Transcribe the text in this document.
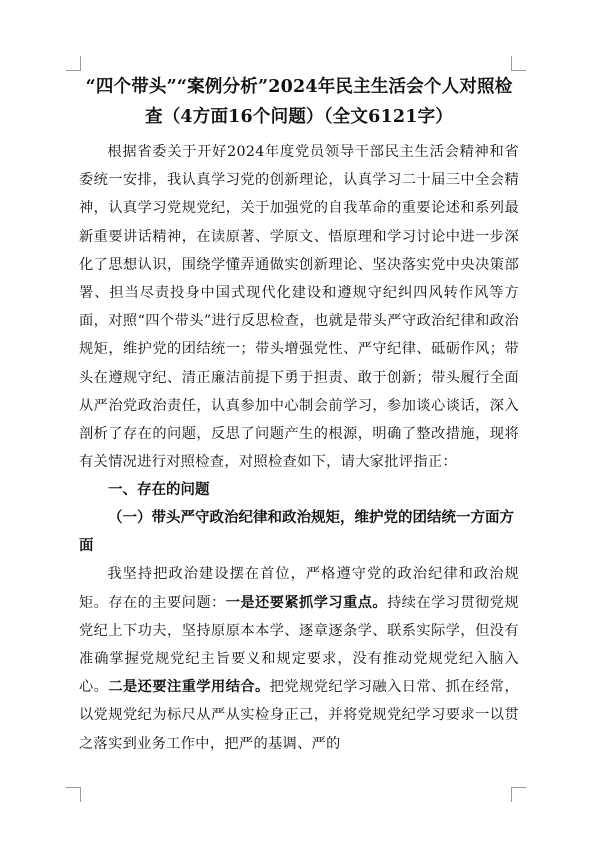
“四个带头”“案例分析”2024年民主生活会个人对照检查（4方面16个问题）（全文6121字）

根据省委关于开好2024年度党员领导干部民主生活会精神和省委统一安排，我认真学习党的创新理论，认真学习二十届三中全会精神，认真学习党规党纪，关于加强党的自我革命的重要论述和系列最新重要讲话精神，在读原著、学原文、悟原理和学习讨论中进一步深化了思想认识，围绕学懂弄通做实创新理论、坚决落实党中央决策部署、担当尽责投身中国式现代化建设和遵规守纪纠四风转作风等方面，对照“四个带头”进行反思检查，也就是带头严守政治纪律和政治规矩，维护党的团结统一；带头增强党性、严守纪律、砥砺作风；带头在遵规守纪、清正廉洁前提下勇于担责、敢于创新；带头履行全面从严治党政治责任，认真参加中心制会前学习，参加谈心谈话，深入剖析了存在的问题，反思了问题产生的根源，明确了整改措施，现将有关情况进行对照检查，对照检查如下，请大家批评指正：

一、存在的问题

（一）带头严守政治纪律和政治规矩，维护党的团结统一方面方面

我坚持把政治建设摆在首位，严格遵守党的政治纪律和政治规矩。存在的主要问题：一是还要紧抓学习重点。持续在学习贯彻党规党纪上下功夫，坚持原原本本学、逐章逐条学、联系实际学，但没有准确掌握党规党纪主旨要义和规定要求，没有推动党规党纪入脑入心。二是还要注重学用结合。把党规党纪学习融入日常、抓在经常，以党规党纪为标尺从严从实检身正己，并将党规党纪学习要求一以贯之落实到业务工作中，把严的基调、严的
